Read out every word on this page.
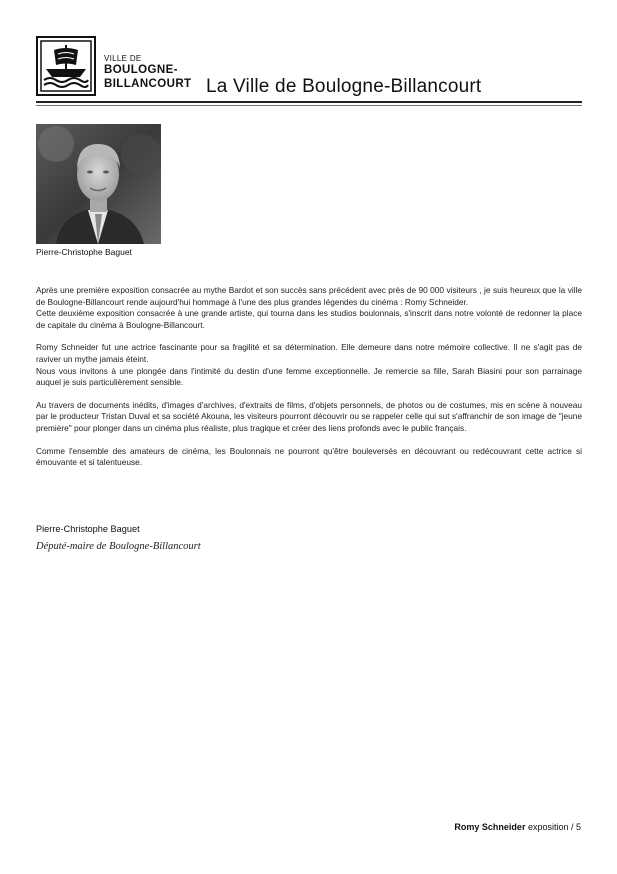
VILLE DE
BOULOGNE-
BILLANCOURT La Ville de Boulogne-Billancourt
Pierre-Christophe Baguet

Après une première exposition consacrée au mythe Bardot et son succès sans précédent avec près de 90 000 visiteurs , je suis heureux que la ville de Boulogne-Billancourt rende aujourd'hui hommage à l'une des plus grandes légendes du cinéma : Romy Schneider.
Cette deuxième exposition consacrée à une grande artiste, qui tourna dans les studios boulonnais, s'inscrit dans notre volonté de redonner la place de capitale du cinéma à Boulogne-Billancourt.

Romy Schneider fut une actrice fascinante pour sa fragilité et sa détermination. Elle demeure dans notre mémoire collective. Il ne s'agit pas de raviver un mythe jamais éteint.
Nous vous invitons à une plongée dans l'intimité du destin d'une femme exceptionnelle. Je remercie sa fille, Sarah Biasini pour son parrainage auquel je suis particulièrement sensible.

Au travers de documents inédits, d'images d'archives, d'extraits de films, d'objets personnels, de photos ou de costumes, mis en scène à nouveau par le producteur Tristan Duval et sa société Akouna, les visiteurs pourront découvrir ou se rappeler celle qui sut s'affranchir de son image de "jeune première" pour plonger dans un cinéma plus réaliste, plus tragique et créer des liens profonds avec le public français.

Comme l'ensemble des amateurs de cinéma, les Boulonnais ne pourront qu'être bouleversés en découvrant ou redécouvrant cette actrice si émouvante et si talentueuse.

Pierre-Christophe Baguet
Député-maire de Boulogne-Billancourt
Romy Schneider exposition / 5
